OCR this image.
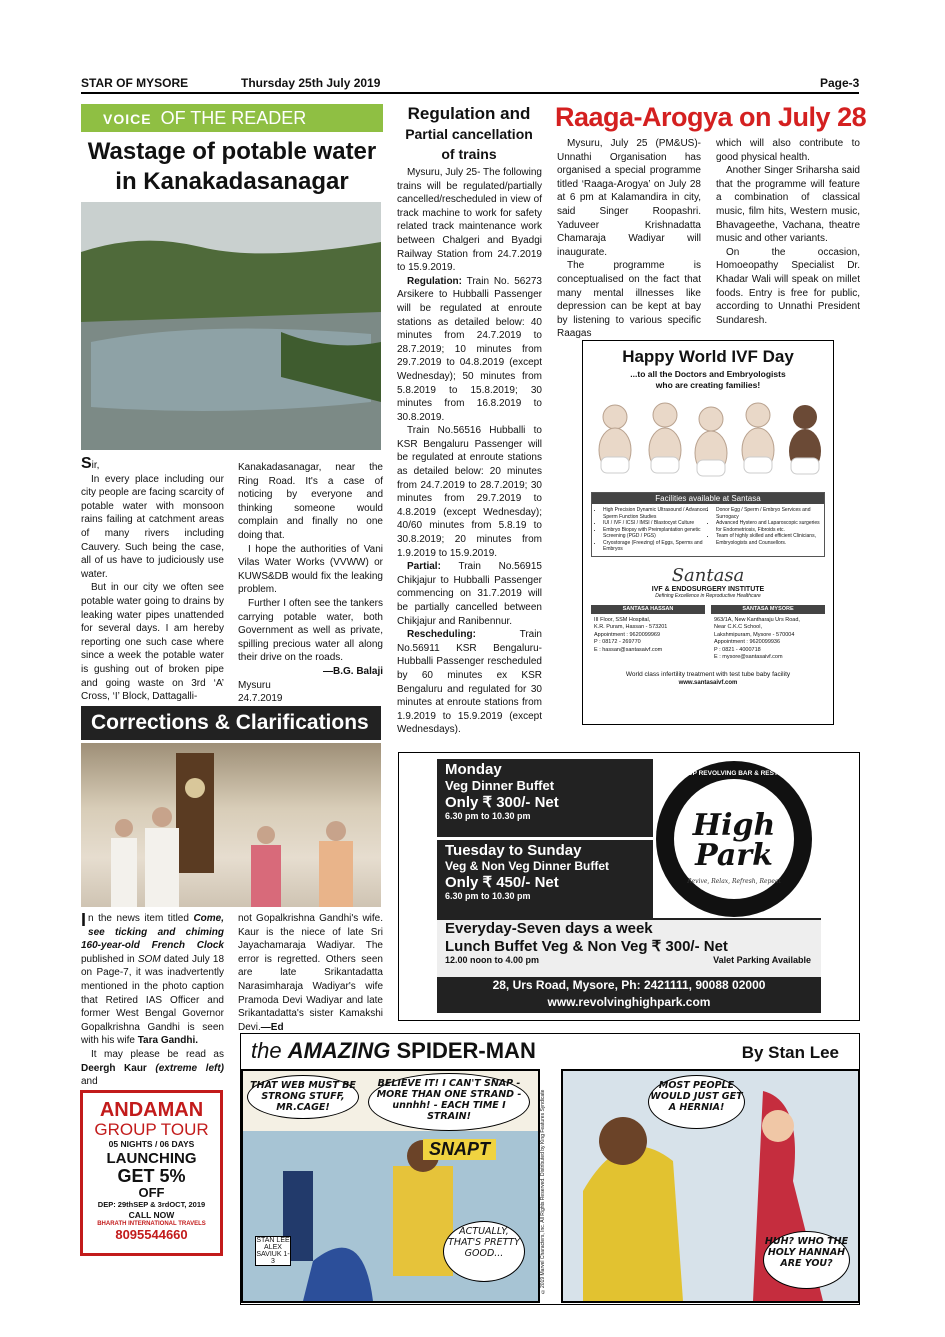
STAR OF MYSORE	Thursday 25th July 2019	Page-3
VOICE OF THE READER
Wastage of potable water
in Kanakadasanagar

Sir,

In every place including our city people are facing scarcity of potable water with monsoon rains failing at catchment areas of many rivers including Cauvery. Such being the case, all of us have to judiciously use water.

But in our city we often see potable water going to drains by leaking water pipes unattended for several days. I am hereby reporting one such case where since a week the potable water is gushing out of broken pipe and going waste on 3rd ‘A’ Cross, ‘I’ Block, Dattagalli-

Kanakadasanagar, near the Ring Road. It's a case of noticing by everyone and thinking someone would complain and finally no one doing that.

I hope the authorities of Vani Vilas Water Works (VVWW) or KUWS&DB would fix the leaking problem.

Further I often see the tankers carrying potable water, both Government as well as private, spilling precious water all along their drive on the roads.

—B.G. Balaji

Mysuru

24.7.2019

Regulation and
Partial cancellation
of trains

Mysuru, July 25- The following trains will be regulated/partially cancelled/rescheduled in view of track machine to work for safety related track maintenance work between Chalgeri and Byadgi Railway Station from 24.7.2019 to 15.9.2019.

Regulation: Train No. 56273 Arsikere to Hubballi Passenger will be regulated at enroute stations as detailed below: 40 minutes from 24.7.2019 to 28.7.2019; 10 minutes from 29.7.2019 to 04.8.2019 (except Wednesday); 50 minutes from 5.8.2019 to 15.8.2019; 30 minutes from 16.8.2019 to 30.8.2019.

Train No.56516 Hubballi to KSR Bengaluru Passenger will be regulated at enroute stations as detailed below: 20 minutes from 24.7.2019 to 28.7.2019; 30 minutes from 29.7.2019 to 4.8.2019 (except Wednesday); 40/60 minutes from 5.8.19 to 30.8.2019; 20 minutes from 1.9.2019 to 15.9.2019.

Partial: Train No.56915 Chikjajur to Hubballi Passenger commencing on 31.7.2019 will be partially cancelled between Chikjajur and Ranibennur.

Rescheduling: Train No.56911 KSR Bengaluru-Hubballi Passenger rescheduled by 60 minutes ex KSR Bengaluru and regulated for 30 minutes at enroute stations from 1.9.2019 to 15.9.2019 (except Wednesdays).

Raaga-Arogya on July 28

Mysuru, July 25 (PM&US)- Unnathi Organisation has organised a special programme titled ‘Raaga-Arogya’ on July 28 at 6 pm at Kalamandira in city, said Singer Roopashri. Yaduveer Krishnadatta Chamaraja Wadiyar will inaugurate.

The programme is conceptualised on the fact that many mental illnesses like depression can be kept at bay by listening to various specific Raagas

which will also contribute to good physical health.

Another Singer Sriharsha said that the programme will feature a combination of classical music, film hits, Western music, Bhavageethe, Vachana, theatre music and other variants.

On the occasion, Homoeopathy Specialist Dr. Khadar Wali will speak on millet foods. Entry is free for public, according to Unnathi President Sundaresh.

Happy World IVF Day
...to all the Doctors and Embryologists
who are creating families!
Facilities available at Santasa
• High Precision Dynamic Ultrasound / Advanced Sperm Function Studies
• IUI / IVF / ICSI / IMSI / Blastocyst Culture
• Embryo Biopsy with Preimplantation genetic Screening (PGD / PGS)
• Cryostorage (Freezing) of Eggs, Sperms and Embryos
• Donor Egg / Sperm / Embryo Services and Surrogacy
• Advanced Hystero and Laparoscopic surgeries for Endometriosis, Fibroids etc.
• Team of highly skilled and efficient Clinicians, Embryologists and Counsellors.
Santasa
IVF & ENDOSURGERY INSTITUTE
Defining Excellence in Reproductive Healthcare
SANTASA HASSAN
III Floor, SSM Hospital,
K.R. Puram, Hassan - 573201
Appointment : 9620099969
P : 08172 - 269770
E : hassan@santasaivf.com
SANTASA MYSORE
963/1A, New Kantharaju Urs Road,
Near C.K.C School,
Lakshmipuram, Mysore - 570004
Appointment : 9620099936
P : 0821 - 4000718
E : mysore@santasaivf.com
World class infertility treatment with test tube baby facility
www.santasaivf.com
Corrections & Clarifications

In the news item titled Come, see ticking and chiming 160-year-old French Clock published in SOM dated July 18 on Page-7, it was inadvertently mentioned in the photo caption that Retired IAS Officer and former West Bengal Governor Gopalkrishna Gandhi is seen with his wife Tara Gandhi.

It may please be read as Deergh Kaur (extreme left) and

not Gopalkrishna Gandhi's wife. Kaur is the niece of late Sri Jayachamaraja Wadiyar. The error is regretted. Others seen are late Srikantadatta Narasimharaja Wadiyar's wife Pramoda Devi Wadiyar and late Srikantadatta's sister Kamakshi Devi.—Ed

ANDAMAN
GROUP TOUR
05 NIGHTS / 06 DAYS
LAUNCHING
GET 5%
OFF
DEP: 29thSEP & 3rdOCT, 2019
CALL NOW
BHARATH INTERNATIONAL TRAVELS
8095544660
Monday
Veg Dinner Buffet
Only ₹ 300/- Net
6.30 pm to 10.30 pm
Tuesday to Sunday
Veg & Non Veg Dinner Buffet
Only ₹ 450/- Net
6.30 pm to 10.30 pm
High
Park
Revive, Relax, Refresh, Repeat
ROOF TOP REVOLVING BAR & RESTAURANT
Everyday-Seven days a week
Lunch Buffet Veg & Non Veg ₹ 300/- Net
12.00 noon to 4.00 pm	Valet Parking Available
28, Urs Road, Mysore, Ph: 2421111, 90088 02000
www.revolvinghighpark.com
the AMAZING SPIDER-MAN	By Stan Lee
THAT WEB MUST BE STRONG STUFF, MR.CAGE!
BELIEVE IT! I CAN'T SNAP - MORE THAN ONE STRAND - unnhh! - EACH TIME I STRAIN!
SNAPT
ACTUALLY, THAT'S PRETTY GOOD...
STAN LEE ALEX SAVIUK 1-3	©2019 Marvel Characters, Inc. All Rights Reserved. Distributed by King Features Syndicate
MOST PEOPLE WOULD JUST GET A HERNIA!
HUH? WHO THE HOLY HANNAH ARE YOU?
